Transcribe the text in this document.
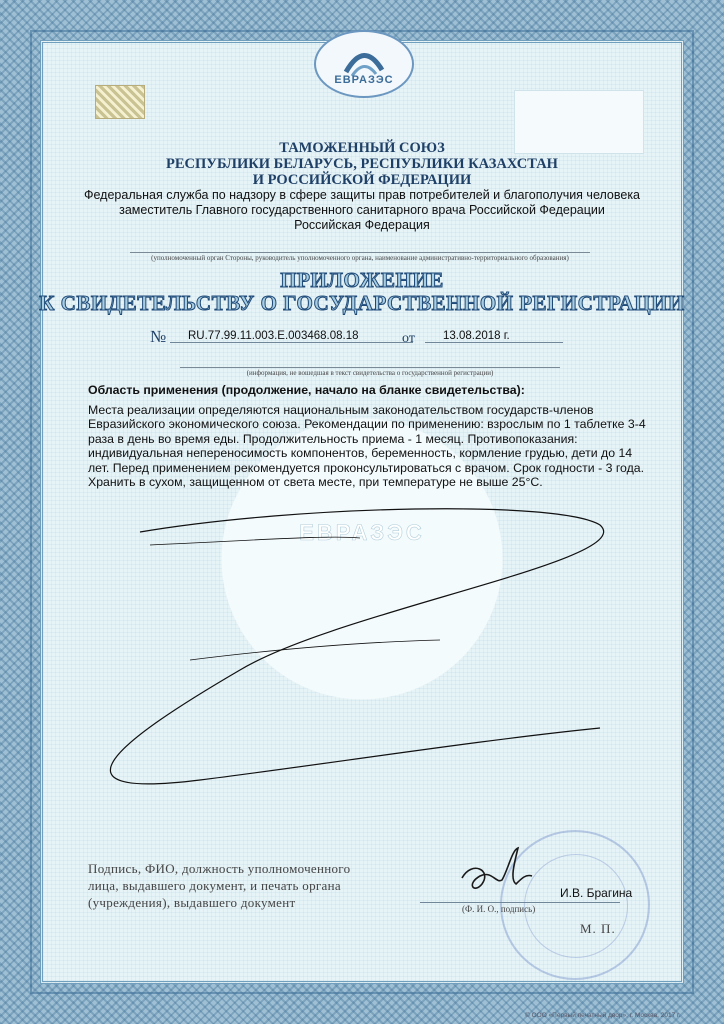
ЕВРАЗЭС
ТАМОЖЕННЫЙ СОЮЗ
РЕСПУБЛИКИ БЕЛАРУСЬ, РЕСПУБЛИКИ КАЗАХСТАН
И РОССИЙСКОЙ ФЕДЕРАЦИИ
Федеральная служба по надзору в сфере защиты прав потребителей и благополучия человека
заместитель Главного государственного санитарного врача Российской Федерации
Российская Федерация
(уполномоченный орган Стороны, руководитель уполномоченного органа, наименование административно-территориального образования)
ПРИЛОЖЕНИЕ
К СВИДЕТЕЛЬСТВУ О ГОСУДАРСТВЕННОЙ РЕГИСТРАЦИИ
№	RU.77.99.11.003.E.003468.08.18	от	13.08.2018 г.
(информация, не вошедшая в текст свидетельства о государственной регистрации)
Область применения (продолжение, начало на бланке свидетельства):
Места реализации определяются национальным законодательством государств-членов
Евразийского экономического союза. Рекомендации по применению: взрослым по 1 таблетке 3-4
раза в день во время еды. Продолжительность приема - 1 месяц. Противопоказания:
индивидуальная непереносимость компонентов, беременность, кормление грудью, дети до 14
лет. Перед применением рекомендуется проконсультироваться с врачом. Срок годности - 3 года.
Хранить в сухом, защищенном от света месте, при температуре не выше 25°С.
ЕВРАЗЭС
Подпись, ФИО, должность уполномоченного
лица, выдавшего документ, и печать органа
(учреждения), выдавшего документ
И.В. Брагина
(Ф. И. О., подпись)
М. П.
© ООО «Первый печатный двор», г. Москва, 2017 г.
